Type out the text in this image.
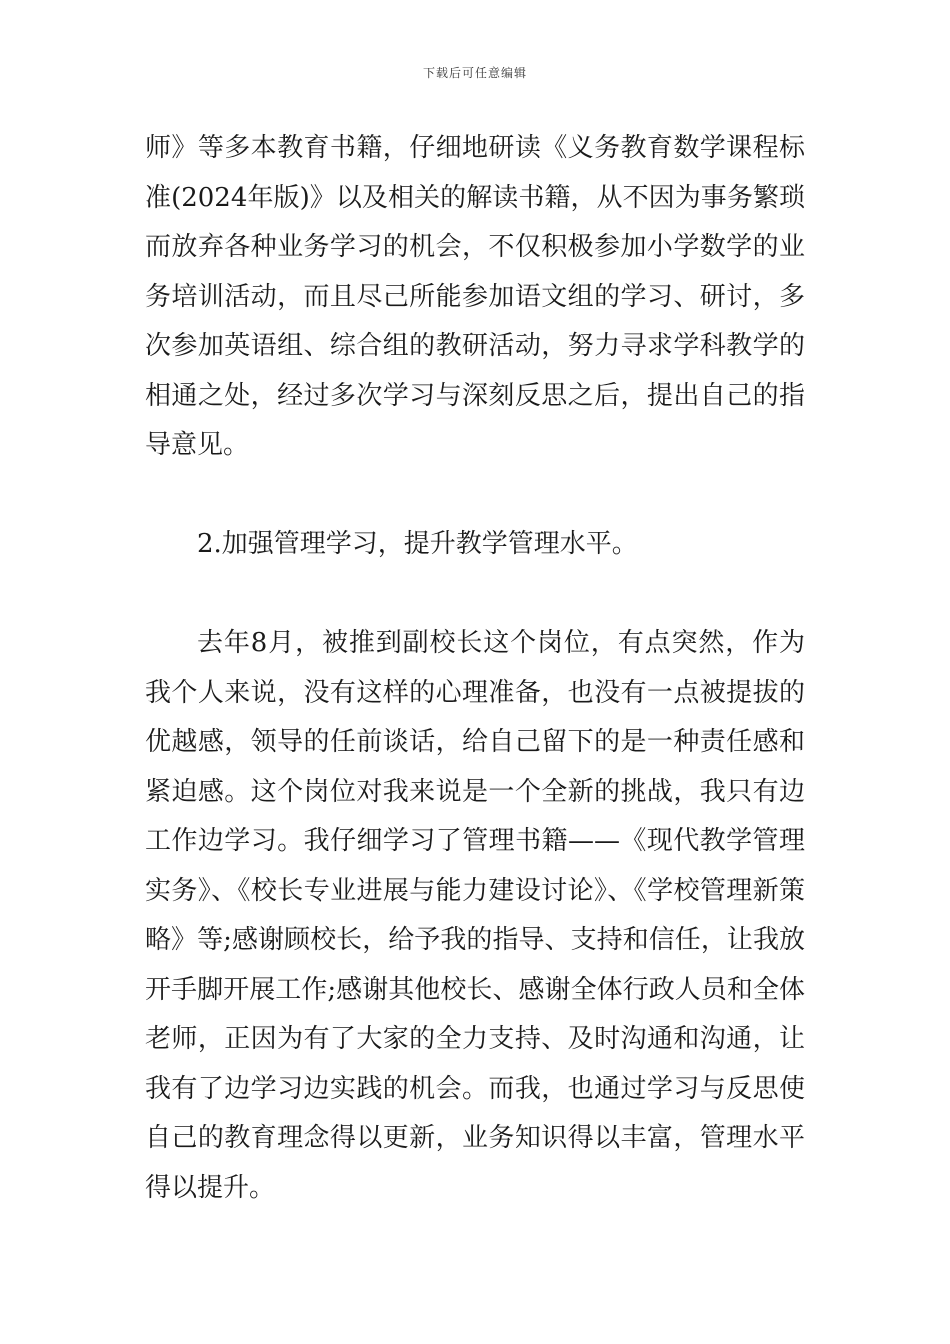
下载后可任意编辑

师》等多本教育书籍，仔细地研读《义务教育数学课程标准(2024年版)》以及相关的解读书籍，从不因为事务繁琐而放弃各种业务学习的机会，不仅积极参加小学数学的业务培训活动，而且尽己所能参加语文组的学习、研讨，多次参加英语组、综合组的教研活动，努力寻求学科教学的相通之处，经过多次学习与深刻反思之后，提出自己的指导意见。

2.加强管理学习，提升教学管理水平。

去年8月，被推到副校长这个岗位，有点突然，作为我个人来说，没有这样的心理准备，也没有一点被提拔的优越感，领导的任前谈话，给自己留下的是一种责任感和紧迫感。这个岗位对我来说是一个全新的挑战，我只有边工作边学习。我仔细学习了管理书籍——《现代教学管理实务》、《校长专业进展与能力建设讨论》、《学校管理新策略》等;感谢顾校长，给予我的指导、支持和信任，让我放开手脚开展工作;感谢其他校长、感谢全体行政人员和全体老师，正因为有了大家的全力支持、及时沟通和沟通，让我有了边学习边实践的机会。而我，也通过学习与反思使自己的教育理念得以更新，业务知识得以丰富，管理水平得以提升。
